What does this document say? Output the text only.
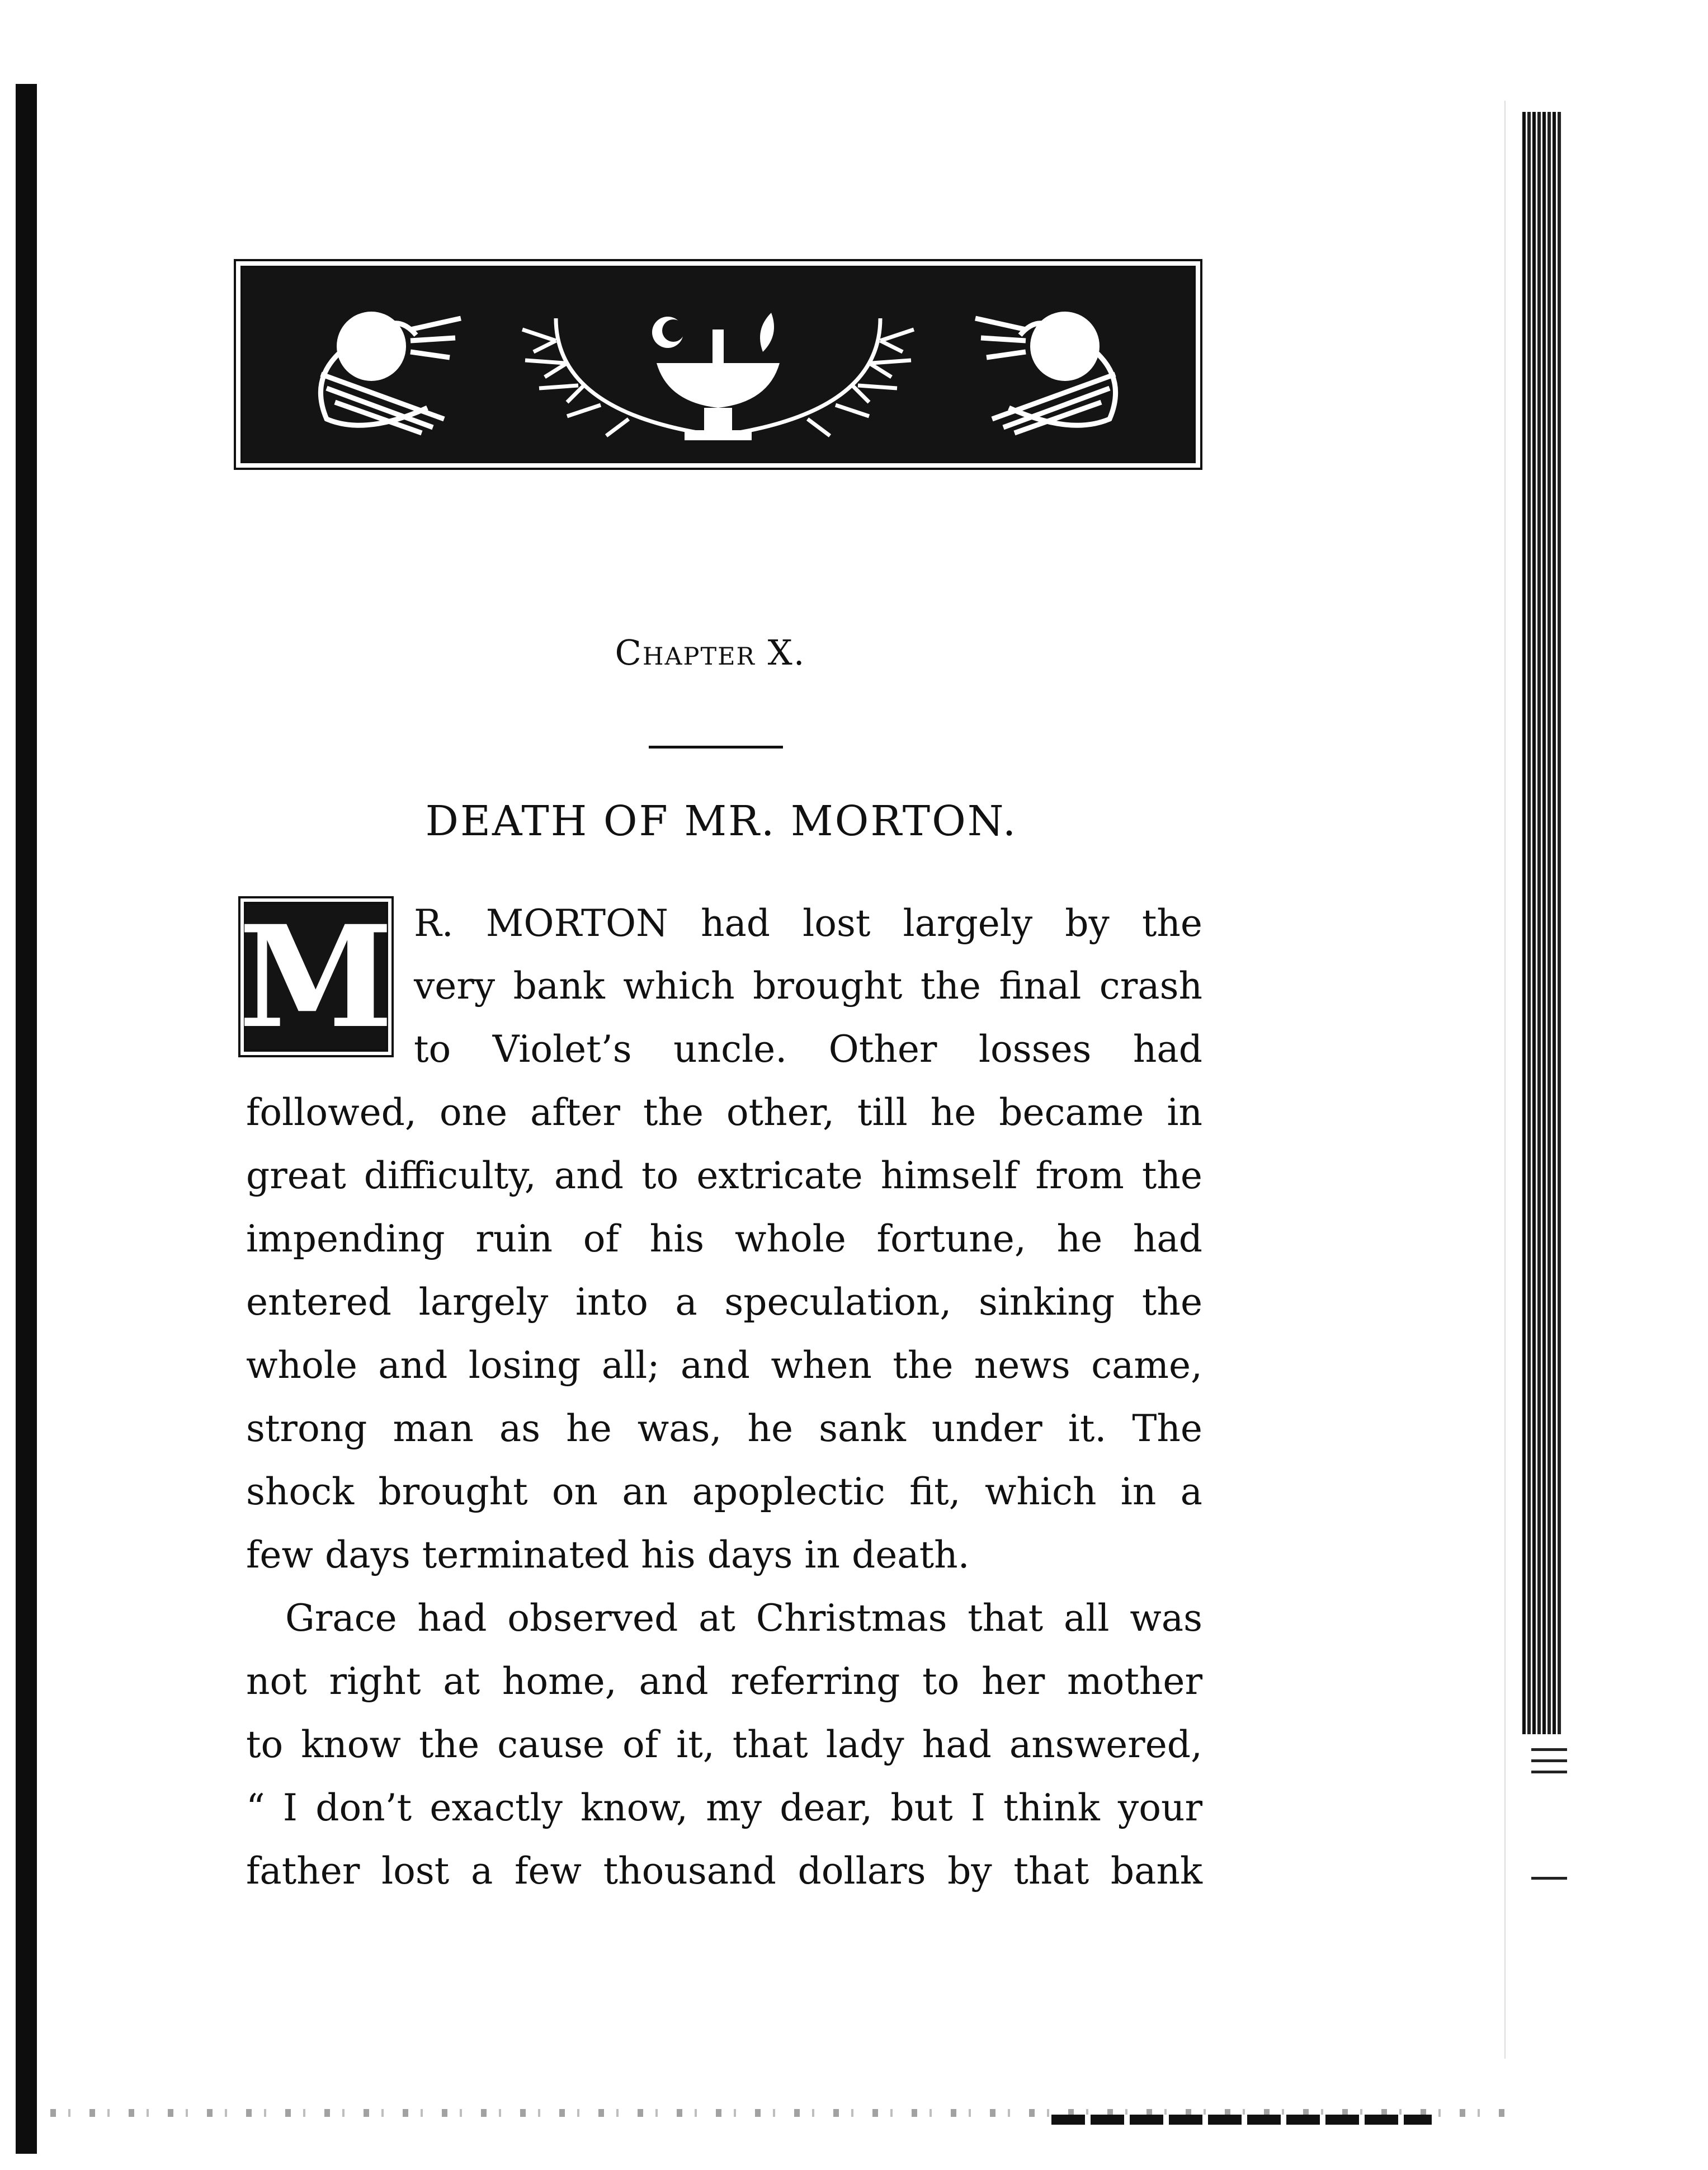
Chapter X.
DEATH OF MR. MORTON.
M R. MORTON had lost largely by the
very bank which brought the final crash
to Violet’s uncle. Other losses had
followed, one after the other, till he became in
great difficulty, and to extricate himself from the
impending ruin of his whole fortune, he had
entered largely into a speculation, sinking the
whole and losing all; and when the news came,
strong man as he was, he sank under it. The
shock brought on an apoplectic fit, which in a
few days terminated his days in death.
Grace had observed at Christmas that all was
not right at home, and referring to her mother
to know the cause of it, that lady had answered,
“ I don’t exactly know, my dear, but I think your
father lost a few thousand dollars by that bank
